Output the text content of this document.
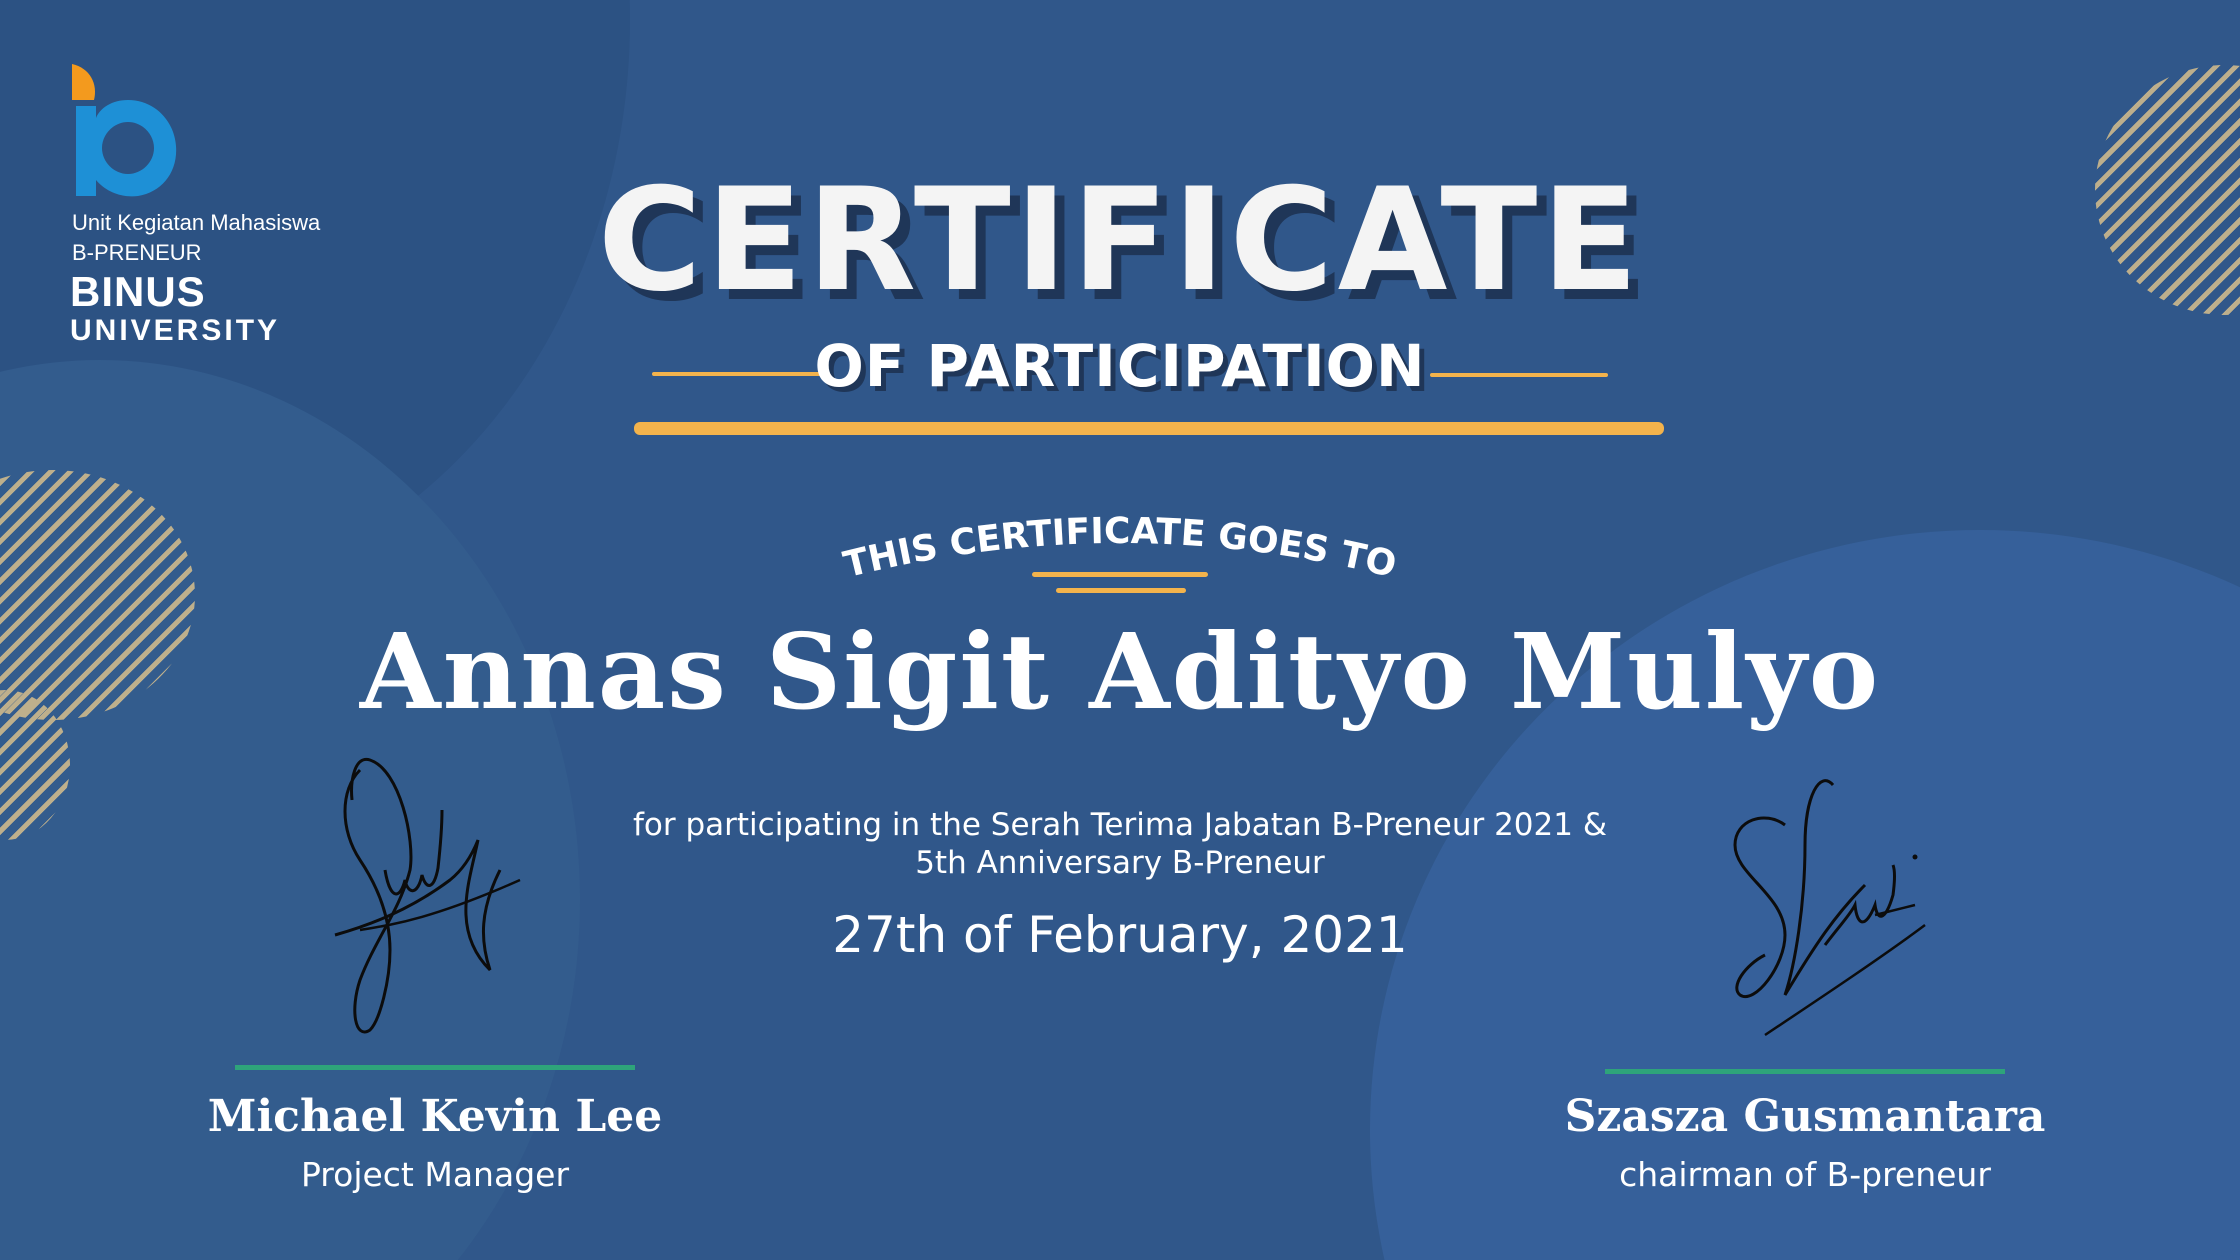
Unit Kegiatan Mahasiswa
B-PRENEUR
BINUS
UNIVERSITY
CERTIFICATE
OF PARTICIPATION
THIS CERTIFICATE GOES TO
Annas Sigit Adityo Mulyo
for participating in the Serah Terima Jabatan B-Preneur 2021 &
5th Anniversary B-Preneur
27th of February, 2021
Michael Kevin Lee
Project Manager
Szasza Gusmantara
chairman of B-preneur
